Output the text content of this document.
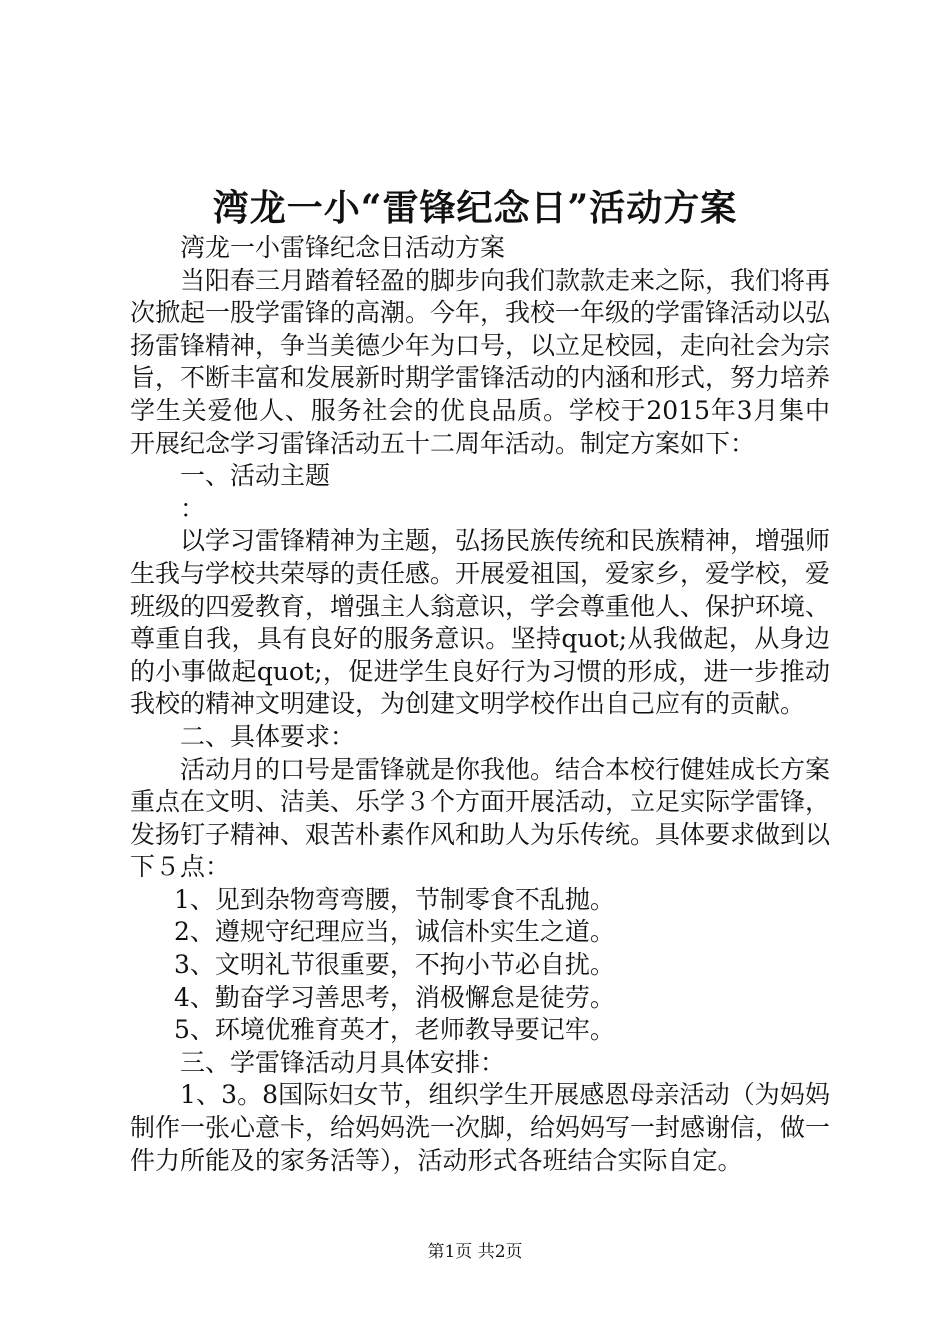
湾龙一小“雷锋纪念日”活动方案

湾龙一小雷锋纪念日活动方案

当阳春三月踏着轻盈的脚步向我们款款走来之际，我们将再次掀起一股学雷锋的高潮。今年，我校一年级的学雷锋活动以弘扬雷锋精神，争当美德少年为口号，以立足校园，走向社会为宗旨，不断丰富和发展新时期学雷锋活动的内涵和形式，努力培养学生关爱他人、服务社会的优良品质。学校于2015年3月集中开展纪念学习雷锋活动五十二周年活动。制定方案如下：

一、活动主题

：

以学习雷锋精神为主题，弘扬民族传统和民族精神，增强师生我与学校共荣辱的责任感。开展爱祖国，爱家乡，爱学校，爱班级的四爱教育，增强主人翁意识，学会尊重他人、保护环境、尊重自我，具有良好的服务意识。坚持quot;从我做起，从身边的小事做起quot;，促进学生良好行为习惯的形成，进一步推动我校的精神文明建设，为创建文明学校作出自己应有的贡献。

二、具体要求：

活动月的口号是雷锋就是你我他。结合本校行健娃成长方案重点在文明、洁美、乐学３个方面开展活动，立足实际学雷锋，发扬钉子精神、艰苦朴素作风和助人为乐传统。具体要求做到以下５点：

1、见到杂物弯弯腰，节制零食不乱抛。

2、遵规守纪理应当，诚信朴实生之道。

3、文明礼节很重要，不拘小节必自扰。

4、勤奋学习善思考，消极懈怠是徒劳。

5、环境优雅育英才，老师教导要记牢。

三、学雷锋活动月具体安排：

1、3。8国际妇女节，组织学生开展感恩母亲活动（为妈妈制作一张心意卡，给妈妈洗一次脚，给妈妈写一封感谢信，做一件力所能及的家务活等），活动形式各班结合实际自定。

第1页 共2页
